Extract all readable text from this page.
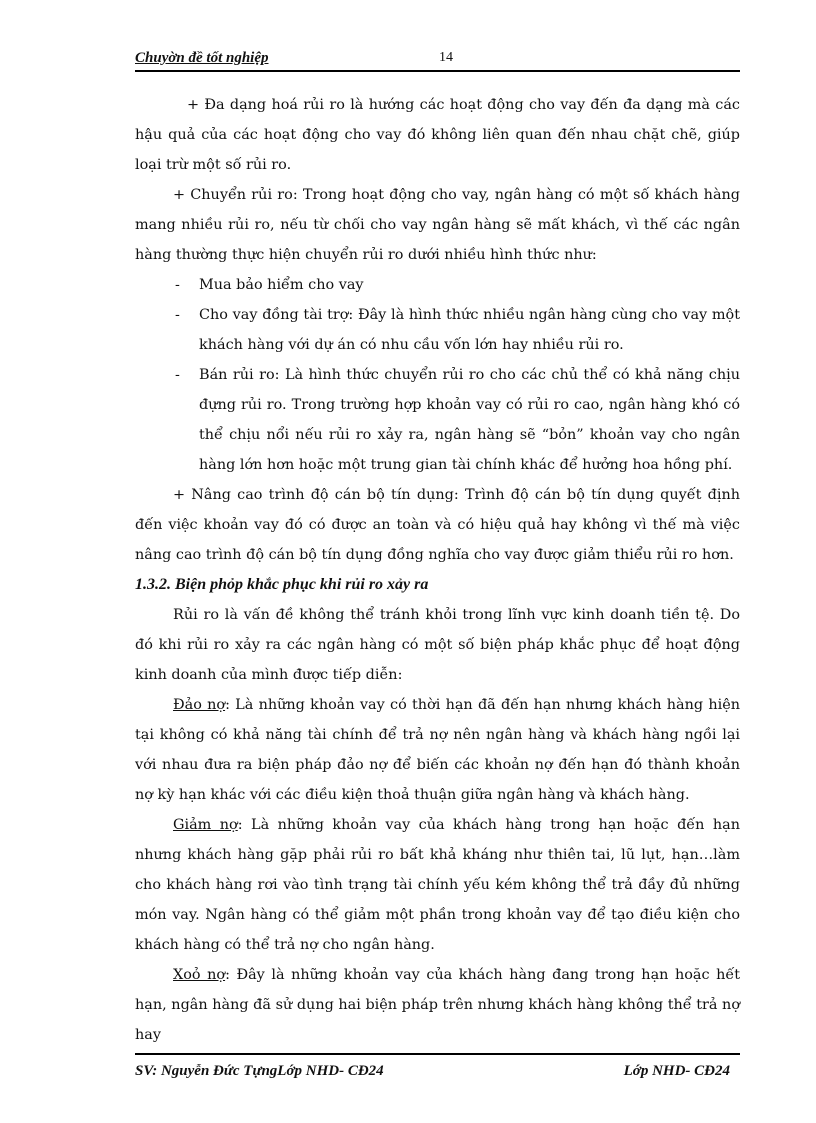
Chuyờn đề tốt nghiệp	14

+ Đa dạng hoá rủi ro là hướng các hoạt động cho vay đến đa dạng mà các hậu quả của các hoạt động cho vay đó không liên quan đến nhau chặt chẽ, giúp loại trừ một số rủi ro.

+ Chuyển rủi ro: Trong hoạt động cho vay, ngân hàng có một số khách hàng mang nhiều rủi ro, nếu từ chối cho vay ngân hàng sẽ mất khách, vì thế các ngân hàng thường thực hiện chuyển rủi ro dưới nhiều hình thức như:

- Mua bảo hiểm cho vay
- Cho vay đồng tài trợ: Đây là hình thức nhiều ngân hàng cùng cho vay một khách hàng với dự án có nhu cầu vốn lớn hay nhiều rủi ro.
- Bán rủi ro: Là hình thức chuyển rủi ro cho các chủ thể có khả năng chịu đựng rủi ro. Trong trường hợp khoản vay có rủi ro cao, ngân hàng khó có thể chịu nổi nếu rủi ro xảy ra, ngân hàng sẽ “bỏn” khoản vay cho ngân hàng lớn hơn hoặc một trung gian tài chính khác để hưởng hoa hồng phí.

+ Nâng cao trình độ cán bộ tín dụng: Trình độ cán bộ tín dụng quyết định đến việc khoản vay đó có được an toàn và có hiệu quả hay không vì thế mà việc nâng cao trình độ cán bộ tín dụng đồng nghĩa cho vay được giảm thiểu rủi ro hơn.

1.3.2. Biện phỏp khắc phục khi rủi ro xảy ra

Rủi ro là vấn đề không thể tránh khỏi trong lĩnh vực kinh doanh tiền tệ. Do đó khi rủi ro xảy ra các ngân hàng có một số biện pháp khắc phục để hoạt động kinh doanh của mình được tiếp diễn:

Đảo nợ: Là những khoản vay có thời hạn đã đến hạn nhưng khách hàng hiện tại không có khả năng tài chính để trả nợ nên ngân hàng và khách hàng ngồi lại với nhau đưa ra biện pháp đảo nợ để biến các khoản nợ đến hạn đó thành khoản nợ kỳ hạn khác với các điều kiện thoả thuận giữa ngân hàng và khách hàng.

Giảm nợ: Là những khoản vay của khách hàng trong hạn hoặc đến hạn nhưng khách hàng gặp phải rủi ro bất khả kháng như thiên tai, lũ lụt, hạn…làm cho khách hàng rơi vào tình trạng tài chính yếu kém không thể trả đầy đủ những món vay. Ngân hàng có thể giảm một phần trong khoản vay để tạo điều kiện cho khách hàng có thể trả nợ cho ngân hàng.

Xoỏ nợ: Đây là những khoản vay của khách hàng đang trong hạn hoặc hết hạn, ngân hàng đã sử dụng hai biện pháp trên nhưng khách hàng không thể trả nợ hay

SV: Nguyễn Đức TựngLớp NHD- CĐ24	Lớp NHD- CĐ24
